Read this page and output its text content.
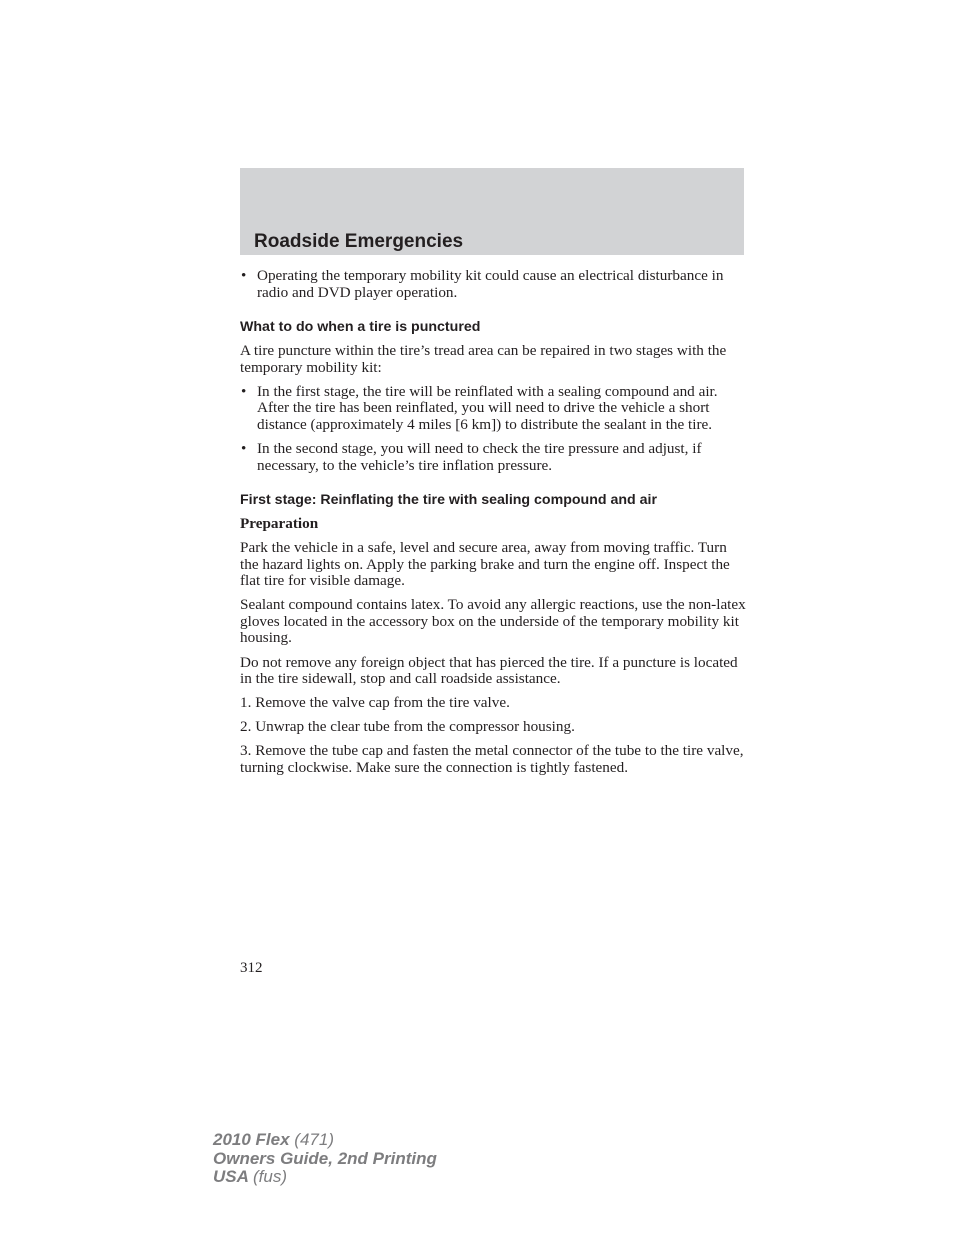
Roadside Emergencies
• Operating the temporary mobility kit could cause an electrical disturbance in radio and DVD player operation.
What to do when a tire is punctured

A tire puncture within the tire’s tread area can be repaired in two stages with the temporary mobility kit:

• In the first stage, the tire will be reinflated with a sealing compound and air. After the tire has been reinflated, you will need to drive the vehicle a short distance (approximately 4 miles [6 km]) to distribute the sealant in the tire.
• In the second stage, you will need to check the tire pressure and adjust, if necessary, to the vehicle’s tire inflation pressure.
First stage: Reinflating the tire with sealing compound and air
Preparation

Park the vehicle in a safe, level and secure area, away from moving traffic. Turn the hazard lights on. Apply the parking brake and turn the engine off. Inspect the flat tire for visible damage.

Sealant compound contains latex. To avoid any allergic reactions, use the non-latex gloves located in the accessory box on the underside of the temporary mobility kit housing.

Do not remove any foreign object that has pierced the tire. If a puncture is located in the tire sidewall, stop and call roadside assistance.

1. Remove the valve cap from the tire valve.

2. Unwrap the clear tube from the compressor housing.

3. Remove the tube cap and fasten the metal connector of the tube to the tire valve, turning clockwise. Make sure the connection is tightly fastened.

312
2010 Flex (471)
Owners Guide, 2nd Printing
USA (fus)
